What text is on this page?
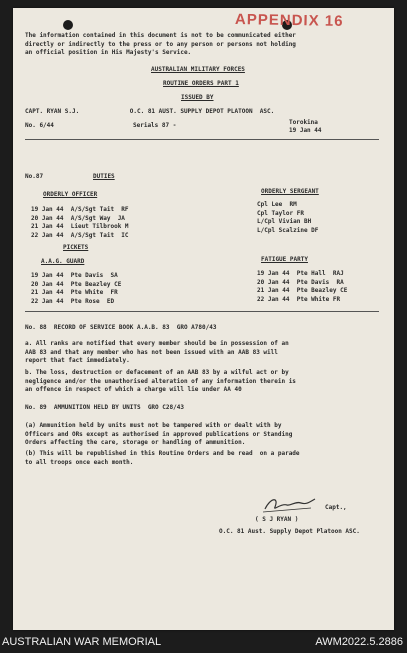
APPENDIX 16
The information contained in this document is not to be communicated either
directly or indirectly to the press or to any person or persons not holding
an official position in His Majesty's Service.
AUSTRALIAN MILITARY FORCES
ROUTINE ORDERS PART 1
ISSUED BY
CAPT. RYAN S.J.              O.C. 81 AUST. SUPPLY DEPOT PLATOON  ASC.
No. 6/44	Serials 87 -	Torokina
19 Jan 44
No.87	DUTIES
ORDERLY OFFICER
19 Jan 44  A/S/Sgt Tait  RF
20 Jan 44  A/S/Sgt Way  JA
21 Jan 44  Lieut Tilbrook M
22 Jan 44  A/S/Sgt Tait  IC
ORDERLY SERGEANT
Cpl Lee  RM
Cpl Taylor FR
L/Cpl Vivian BH
L/Cpl Scalzine DF
PICKETS
A.A.G. GUARD
19 Jan 44  Pte Davis  SA
20 Jan 44  Pte Beazley CE
21 Jan 44  Pte White  FR
22 Jan 44  Pte Rose  ED
FATIGUE PARTY
19 Jan 44  Pte Hall  RAJ
20 Jan 44  Pte Davis  RA
21 Jan 44  Pte Beazley CE
22 Jan 44  Pte White FR
No. 88  RECORD OF SERVICE BOOK A.A.B. 83  GRO A780/43
a. All ranks are notified that every member should be in possession of an
AAB 83 and that any member who has not been issued with an AAB 83 will
report that fact immediately.
b. The loss, destruction or defacement of an AAB 83 by a wilful act or by
negligence and/or the unauthorised alteration of any information therein is
an offence in respect of which a charge will lie under AA 40
No. 89  AMMUNITION HELD BY UNITS  GRO C28/43
(a) Ammunition held by units must not be tampered with or dealt with by
Officers and ORs except as authorised in approved publications or Standing
Orders affecting the care, storage or handling of ammunition.
(b) This will be republished in this Routine Orders and be read  on a parade
to all troops once each month.
Capt.,
( S J RYAN )
O.C. 81 Aust. Supply Depot Platoon ASC.
AUSTRALIAN WAR MEMORIAL	AWM2022.5.2886
